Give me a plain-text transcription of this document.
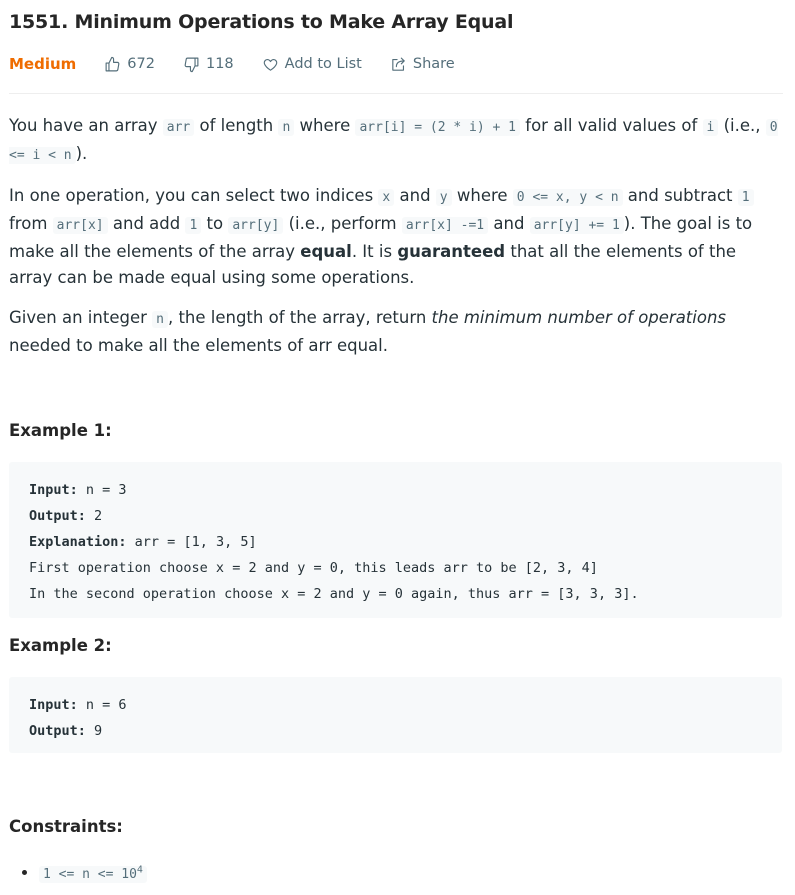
1551. Minimum Operations to Make Array Equal
Medium	672	118	Add to List	Share

You have an array arr of length n where arr[i] = (2 * i) + 1 for all valid values of i (i.e., 0 <= i < n ).

In one operation, you can select two indices x and y where 0 <= x, y < n and subtract 1 from arr[x] and add 1 to arr[y] (i.e., perform arr[x] -=1 and arr[y] += 1 ). The goal is to make all the elements of the array equal. It is guaranteed that all the elements of the array can be made equal using some operations.

Given an integer n , the length of the array, return the minimum number of operations needed to make all the elements of arr equal.

Example 1:
Input: n = 3
Output: 2
Explanation: arr = [1, 3, 5]
First operation choose x = 2 and y = 0, this leads arr to be [2, 3, 4]
In the second operation choose x = 2 and y = 0 again, thus arr = [3, 3, 3].
Example 2:
Input: n = 6
Output: 9
Constraints:
• $1 <= n <= 10^4$
